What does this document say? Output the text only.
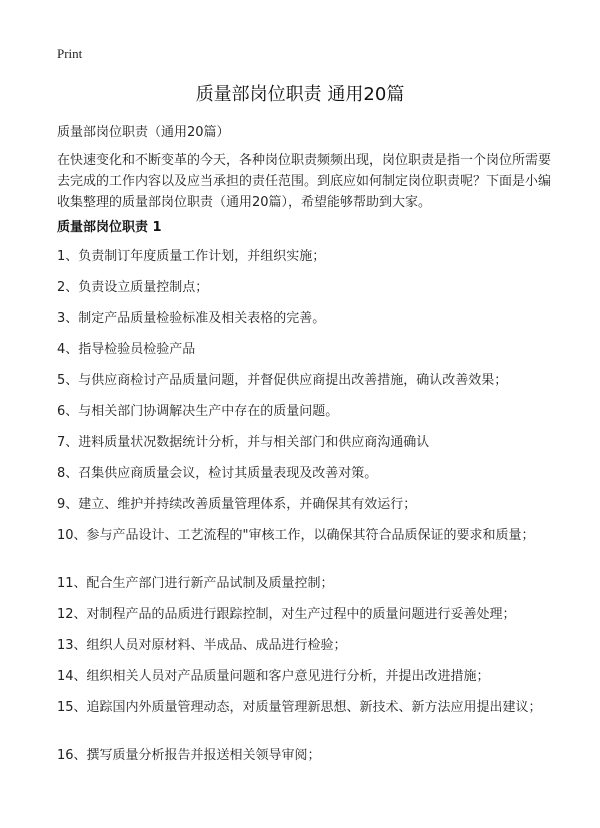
Print
质量部岗位职责 通用20篇
质量部岗位职责（通用20篇）
在快速变化和不断变革的今天，各种岗位职责频频出现，岗位职责是指一个岗位所需要去完成的工作内容以及应当承担的责任范围。到底应如何制定岗位职责呢？下面是小编收集整理的质量部岗位职责（通用20篇），希望能够帮助到大家。
质量部岗位职责 1
1、负责制订年度质量工作计划，并组织实施；
2、负责设立质量控制点；
3、制定产品质量检验标准及相关表格的完善。
4、指导检验员检验产品
5、与供应商检讨产品质量问题，并督促供应商提出改善措施，确认改善效果；
6、与相关部门协调解决生产中存在的质量问题。
7、进料质量状况数据统计分析，并与相关部门和供应商沟通确认
8、召集供应商质量会议，检讨其质量表现及改善对策。
9、建立、维护并持续改善质量管理体系，并确保其有效运行；
10、参与产品设计、工艺流程的"审核工作，以确保其符合品质保证的要求和质量；
11、配合生产部门进行新产品试制及质量控制；
12、对制程产品的品质进行跟踪控制，对生产过程中的质量问题进行妥善处理；
13、组织人员对原材料、半成品、成品进行检验；
14、组织相关人员对产品质量问题和客户意见进行分析，并提出改进措施；
15、追踪国内外质量管理动态，对质量管理新思想、新技术、新方法应用提出建议；
16、撰写质量分析报告并报送相关领导审阅；
